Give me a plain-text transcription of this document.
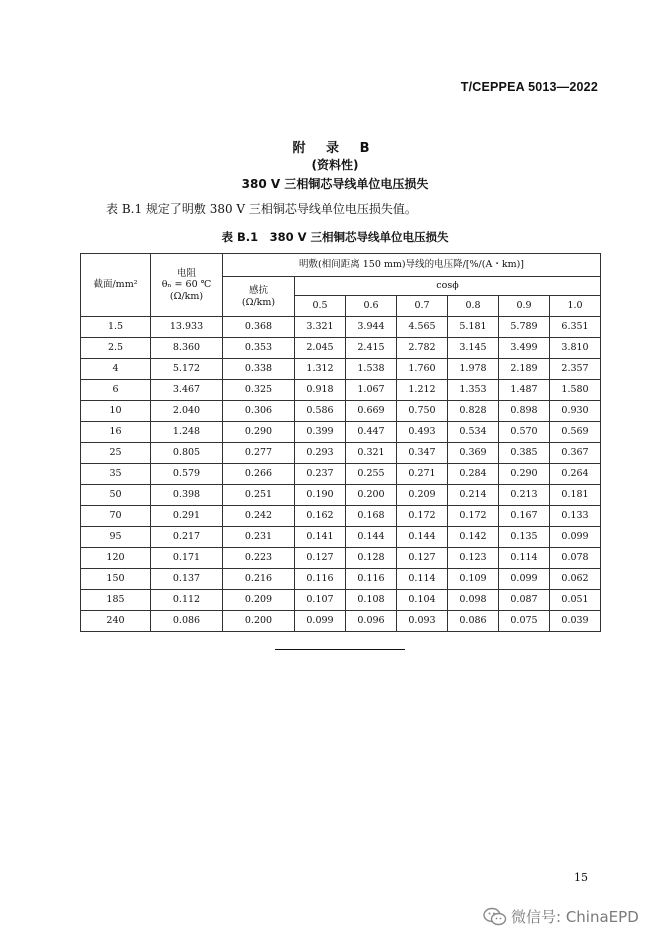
T/CEPPEA 5013—2022
附 录 B
(资料性)
380 V 三相铜芯导线单位电压损失
表 B.1 规定了明敷 380 V 三相铜芯导线单位电压损失值。
表 B.1　380 V 三相铜芯导线单位电压损失
截面/mm²	电阻
θₙ = 60 ℃
(Ω/km)	明敷(相间距离 150 mm)导线的电压降/[%/(A・km)]						

		感抗
(Ω/km)	cosϕ					
			0.5	0.6	0.7	0.8	0.9	1.0
1.5	13.933	0.368	3.321	3.944	4.565	5.181	5.789	6.351
2.5	8.360	0.353	2.045	2.415	2.782	3.145	3.499	3.810
4	5.172	0.338	1.312	1.538	1.760	1.978	2.189	2.357
6	3.467	0.325	0.918	1.067	1.212	1.353	1.487	1.580
10	2.040	0.306	0.586	0.669	0.750	0.828	0.898	0.930
16	1.248	0.290	0.399	0.447	0.493	0.534	0.570	0.569
25	0.805	0.277	0.293	0.321	0.347	0.369	0.385	0.367
35	0.579	0.266	0.237	0.255	0.271	0.284	0.290	0.264
50	0.398	0.251	0.190	0.200	0.209	0.214	0.213	0.181
70	0.291	0.242	0.162	0.168	0.172	0.172	0.167	0.133
95	0.217	0.231	0.141	0.144	0.144	0.142	0.135	0.099
120	0.171	0.223	0.127	0.128	0.127	0.123	0.114	0.078
150	0.137	0.216	0.116	0.116	0.114	0.109	0.099	0.062
185	0.112	0.209	0.107	0.108	0.104	0.098	0.087	0.051
240	0.086	0.200	0.099	0.096	0.093	0.086	0.075	0.039
15
微信号: ChinaEPD
